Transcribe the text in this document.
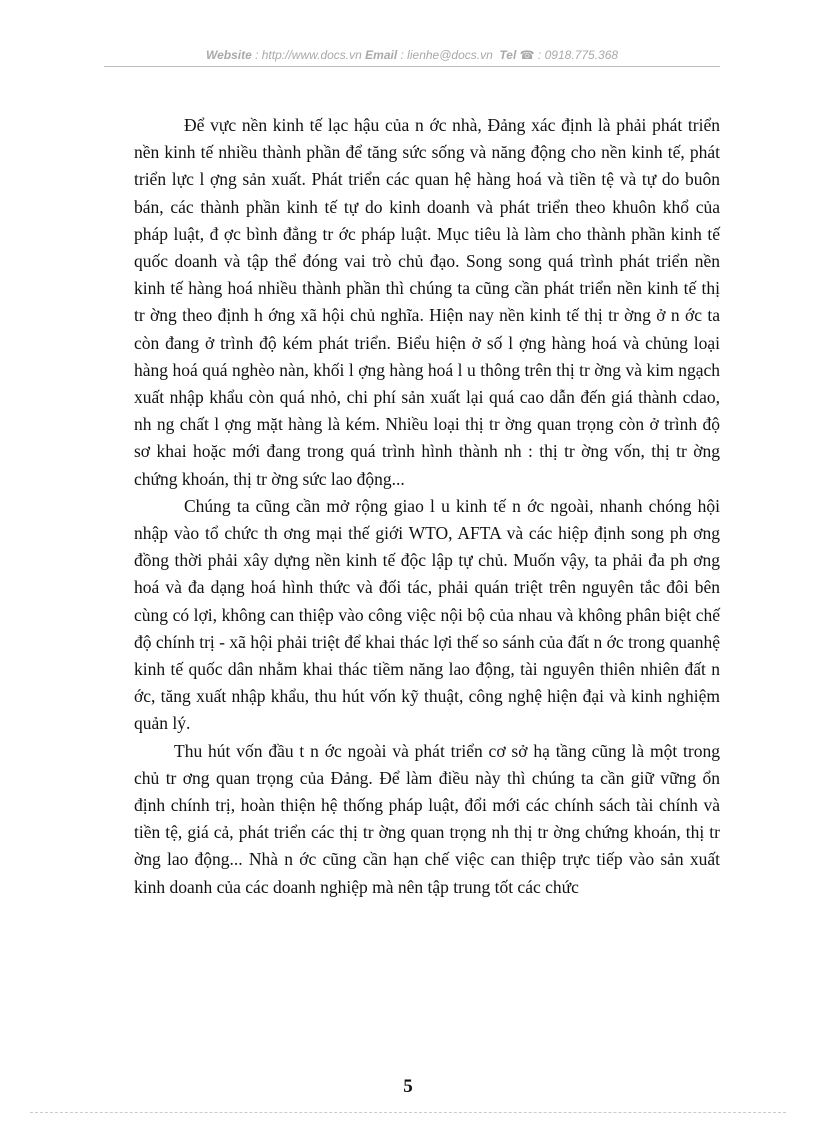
Website : http://www.docs.vn Email : lienhe@docs.vn Tel ☎ : 0918.775.368

Để vực nền kinh tế lạc hậu của n ớc nhà, Đảng xác định là phải phát triển nền kinh tế nhiều thành phần để tăng sức sống và năng động cho nền kinh tế, phát triển lực l ợng sản xuất. Phát triển các quan hệ hàng hoá và tiền tệ và tự do buôn bán, các thành phần kinh tế tự do kinh doanh và phát triển theo khuôn khổ của pháp luật, đ ợc bình đẳng tr ớc pháp luật. Mục tiêu là làm cho thành phần kinh tế quốc doanh và tập thể đóng vai trò chủ đạo. Song song quá trình phát triển nền kinh tế hàng hoá nhiều thành phần thì chúng ta cũng cần phát triển nền kinh tế thị tr ờng theo định h ớng xã hội chủ nghĩa. Hiện nay nền kinh tế thị tr ờng ở n ớc ta còn đang ở trình độ kém phát triển. Biểu hiện ở số l ợng hàng hoá và chủng loại hàng hoá quá nghèo nàn, khối l ợng hàng hoá l u thông trên thị tr ờng và kim ngạch xuất nhập khẩu còn quá nhỏ, chi phí sản xuất lại quá cao dẫn đến giá thành cdao, nh ng chất l ợng mặt hàng là kém. Nhiều loại thị tr ờng quan trọng còn ở trình độ sơ khai hoặc mới đang trong quá trình hình thành nh : thị tr ờng vốn, thị tr ờng chứng khoán, thị tr ờng sức lao động...

Chúng ta cũng cần mở rộng giao l u kinh tế n ớc ngoài, nhanh chóng hội nhập vào tổ chức th ơng mại thế giới WTO, AFTA và các hiệp định song ph ơng đồng thời phải xây dựng nền kinh tế độc lập tự chủ. Muốn vậy, ta phải đa ph ơng hoá và đa dạng hoá hình thức và đối tác, phải quán triệt trên nguyên tắc đôi bên cùng có lợi, không can thiệp vào công việc nội bộ của nhau và không phân biệt chế độ chính trị - xã hội phải triệt để khai thác lợi thế so sánh của đất n ớc trong quanhệ kinh tế quốc dân nhằm khai thác tiềm năng lao động, tài nguyên thiên nhiên đất n ớc, tăng xuất nhập khẩu, thu hút vốn kỹ thuật, công nghệ hiện đại và kinh nghiệm quản lý.

Thu hút vốn đầu t n ớc ngoài và phát triển cơ sở hạ tầng cũng là một trong chủ tr ơng quan trọng của Đảng. Để làm điều này thì chúng ta cần giữ vững ổn định chính trị, hoàn thiện hệ thống pháp luật, đổi mới các chính sách tài chính và tiền tệ, giá cả, phát triển các thị tr ờng quan trọng nh thị tr ờng chứng khoán, thị tr ờng lao động... Nhà n ớc cũng cần hạn chế việc can thiệp trực tiếp vào sản xuất kinh doanh của các doanh nghiệp mà nên tập trung tốt các chức

5
